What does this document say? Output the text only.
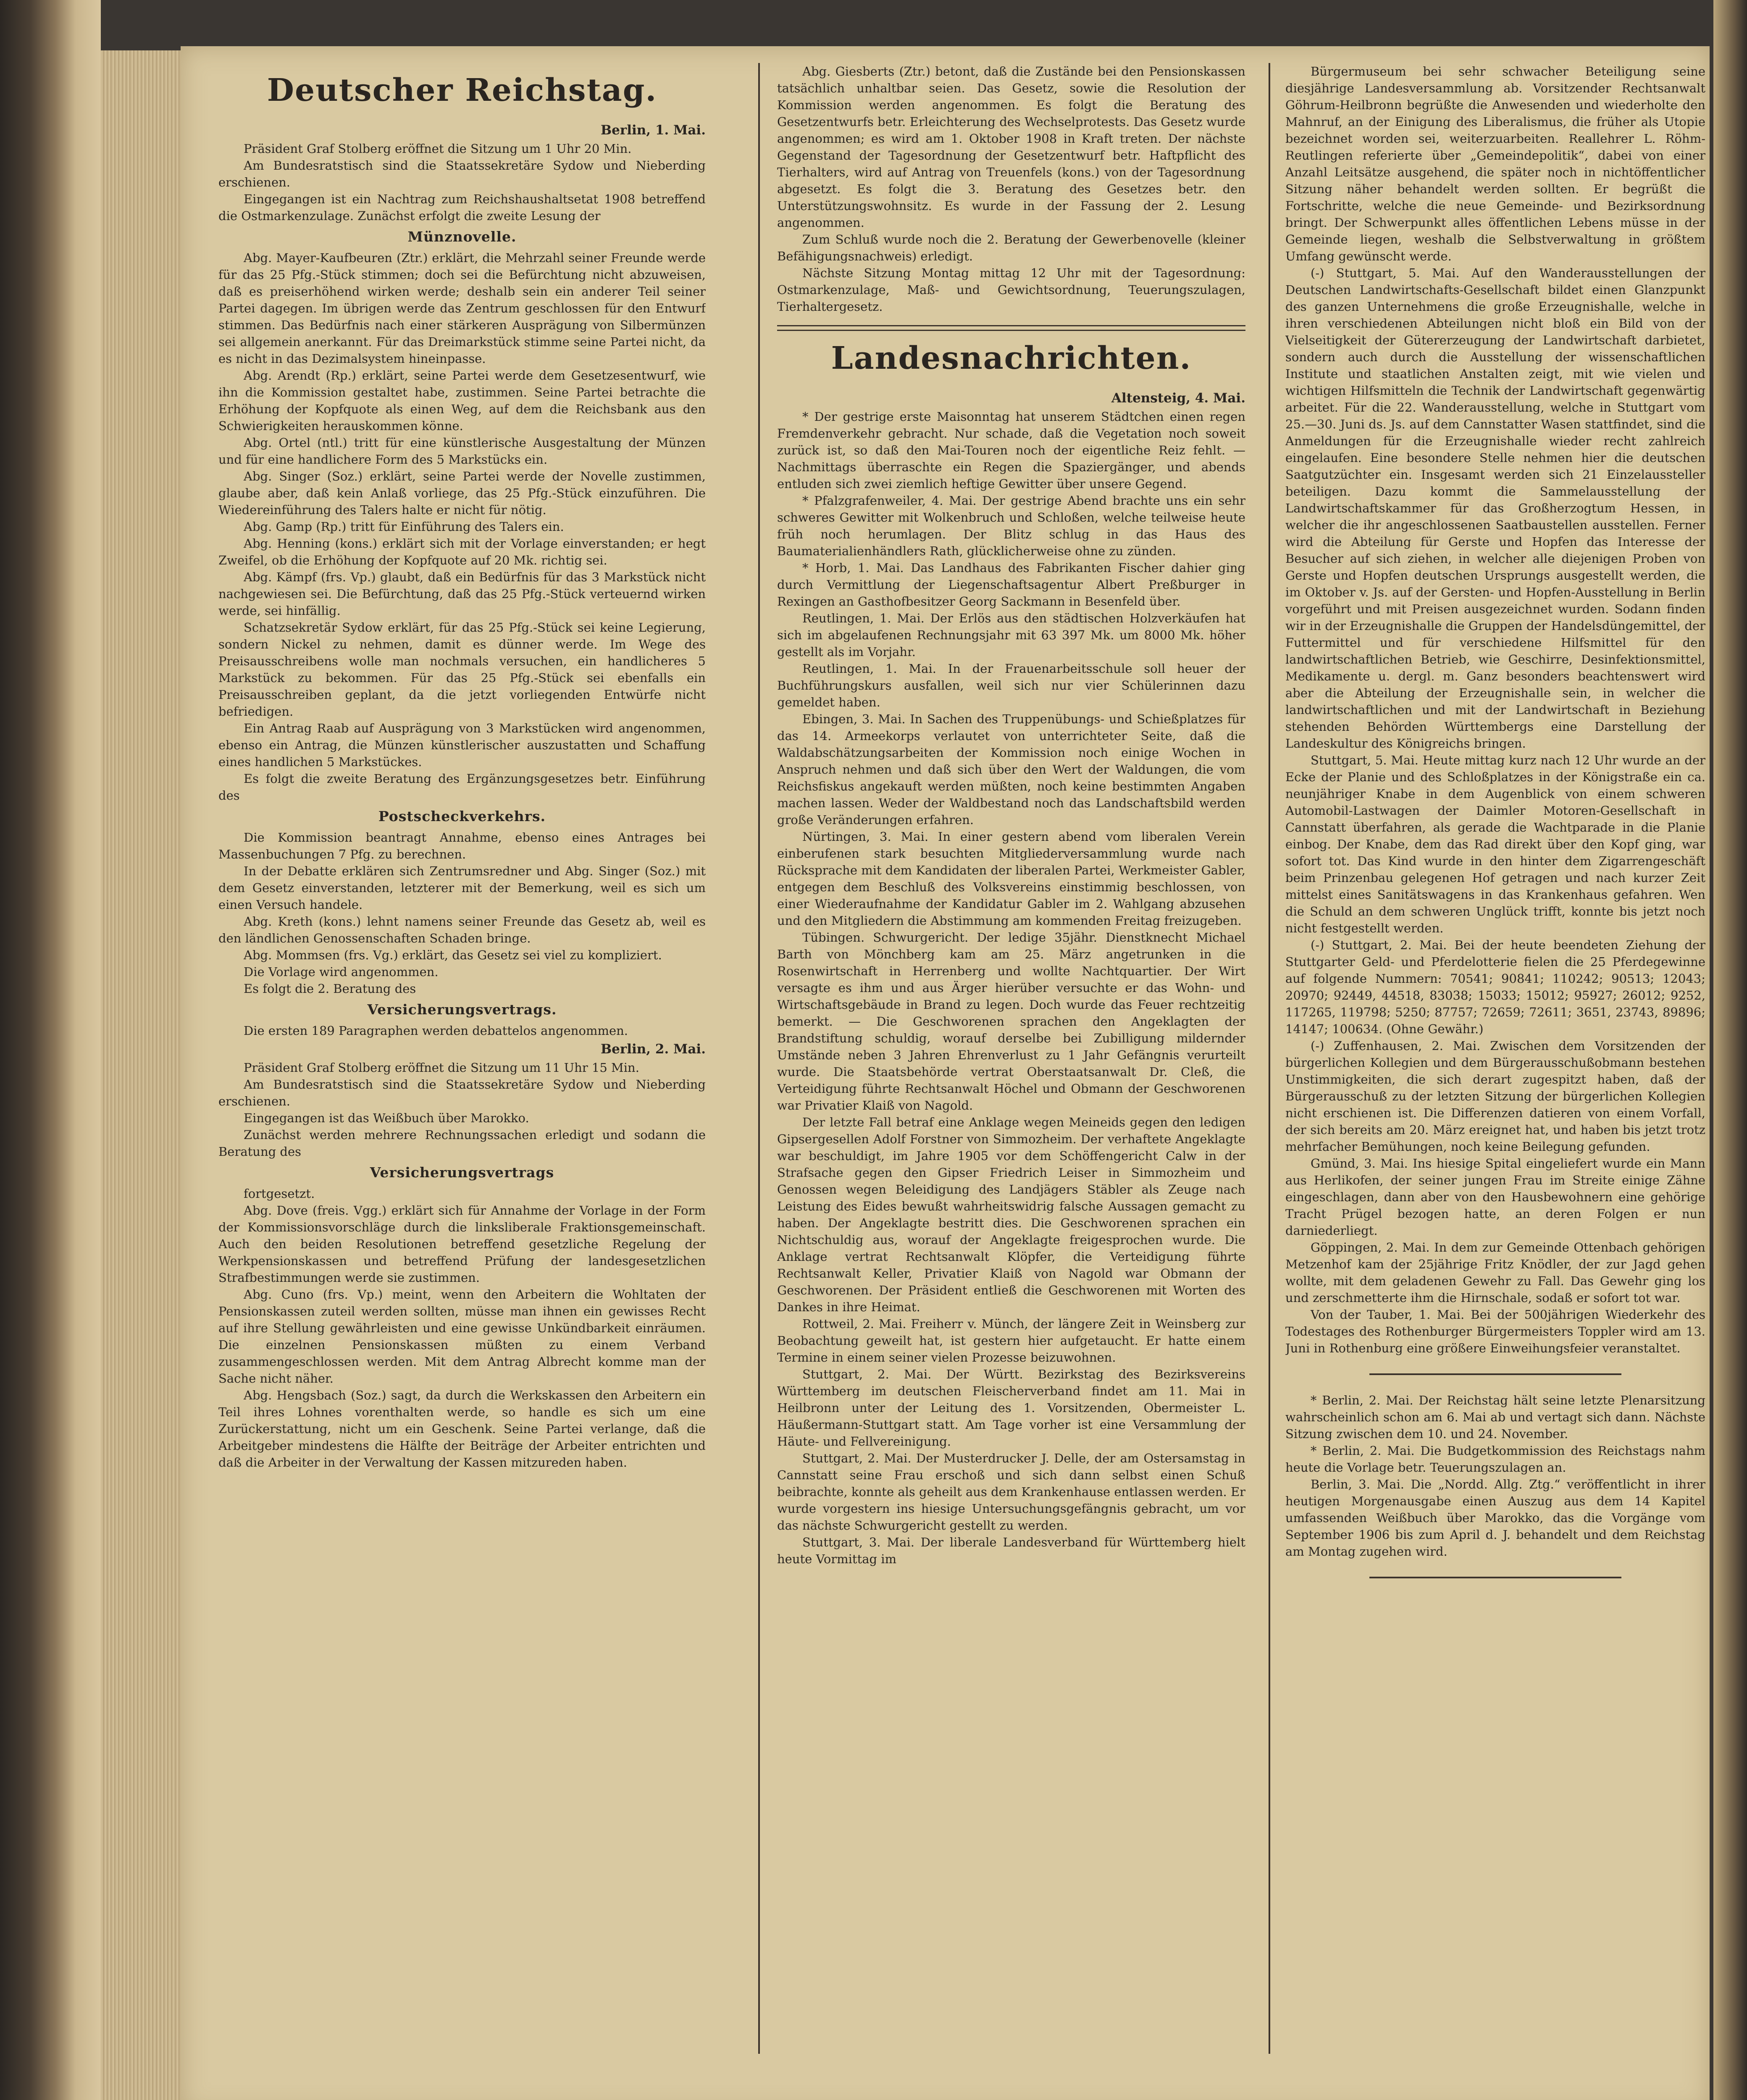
Deutscher Reichstag.
Berlin, 1. Mai.

Präsident Graf Stolberg eröffnet die Sitzung um 1 Uhr 20 Min.

Am Bundesratstisch sind die Staatssekretäre Sydow und Nieberding erschienen.

Eingegangen ist ein Nachtrag zum Reichshaushaltsetat 1908 betreffend die Ostmarkenzulage. Zunächst erfolgt die zweite Lesung der

Münznovelle.

Abg. Mayer-Kaufbeuren (Ztr.) erklärt, die Mehrzahl seiner Freunde werde für das 25 Pfg.-Stück stimmen; doch sei die Befürchtung nicht abzuweisen, daß es preiserhöhend wirken werde; deshalb sein ein anderer Teil seiner Partei dagegen. Im übrigen werde das Zentrum geschlossen für den Entwurf stimmen. Das Bedürfnis nach einer stärkeren Ausprägung von Silbermünzen sei allgemein anerkannt. Für das Dreimarkstück stimme seine Partei nicht, da es nicht in das Dezimalsystem hineinpasse.

Abg. Arendt (Rp.) erklärt, seine Partei werde dem Gesetzesentwurf, wie ihn die Kommission gestaltet habe, zustimmen. Seine Partei betrachte die Erhöhung der Kopfquote als einen Weg, auf dem die Reichsbank aus den Schwierigkeiten herauskommen könne.

Abg. Ortel (ntl.) tritt für eine künstlerische Ausgestaltung der Münzen und für eine handlichere Form des 5 Markstücks ein.

Abg. Singer (Soz.) erklärt, seine Partei werde der Novelle zustimmen, glaube aber, daß kein Anlaß vorliege, das 25 Pfg.-Stück einzuführen. Die Wiedereinführung des Talers halte er nicht für nötig.

Abg. Gamp (Rp.) tritt für Einführung des Talers ein.

Abg. Henning (kons.) erklärt sich mit der Vorlage einverstanden; er hegt Zweifel, ob die Erhöhung der Kopfquote auf 20 Mk. richtig sei.

Abg. Kämpf (frs. Vp.) glaubt, daß ein Bedürfnis für das 3 Markstück nicht nachgewiesen sei. Die Befürchtung, daß das 25 Pfg.-Stück verteuernd wirken werde, sei hinfällig.

Schatzsekretär Sydow erklärt, für das 25 Pfg.-Stück sei keine Legierung, sondern Nickel zu nehmen, damit es dünner werde. Im Wege des Preisausschreibens wolle man nochmals versuchen, ein handlicheres 5 Markstück zu bekommen. Für das 25 Pfg.-Stück sei ebenfalls ein Preisausschreiben geplant, da die jetzt vorliegenden Entwürfe nicht befriedigen.

Ein Antrag Raab auf Ausprägung von 3 Markstücken wird angenommen, ebenso ein Antrag, die Münzen künstlerischer auszustatten und Schaffung eines handlichen 5 Markstückes.

Es folgt die zweite Beratung des Ergänzungsgesetzes betr. Einführung des

Postscheckverkehrs.

Die Kommission beantragt Annahme, ebenso eines Antrages bei Massenbuchungen 7 Pfg. zu berechnen.

In der Debatte erklären sich Zentrumsredner und Abg. Singer (Soz.) mit dem Gesetz einverstanden, letzterer mit der Bemerkung, weil es sich um einen Versuch handele.

Abg. Kreth (kons.) lehnt namens seiner Freunde das Gesetz ab, weil es den ländlichen Genossenschaften Schaden bringe.

Abg. Mommsen (frs. Vg.) erklärt, das Gesetz sei viel zu kompliziert.

Die Vorlage wird angenommen.

Es folgt die 2. Beratung des

Versicherungsvertrags.

Die ersten 189 Paragraphen werden debattelos angenommen.

Berlin, 2. Mai.

Präsident Graf Stolberg eröffnet die Sitzung um 11 Uhr 15 Min.

Am Bundesratstisch sind die Staatssekretäre Sydow und Nieberding erschienen.

Eingegangen ist das Weißbuch über Marokko.

Zunächst werden mehrere Rechnungssachen erledigt und sodann die Beratung des

Versicherungsvertrags

fortgesetzt.

Abg. Dove (freis. Vgg.) erklärt sich für Annahme der Vorlage in der Form der Kommissionsvorschläge durch die linksliberale Fraktionsgemeinschaft. Auch den beiden Resolutionen betreffend gesetzliche Regelung der Werkpensionskassen und betreffend Prüfung der landesgesetzlichen Strafbestimmungen werde sie zustimmen.

Abg. Cuno (frs. Vp.) meint, wenn den Arbeitern die Wohltaten der Pensionskassen zuteil werden sollten, müsse man ihnen ein gewisses Recht auf ihre Stellung gewährleisten und eine gewisse Unkündbarkeit einräumen. Die einzelnen Pensionskassen müßten zu einem Verband zusammengeschlossen werden. Mit dem Antrag Albrecht komme man der Sache nicht näher.

Abg. Hengsbach (Soz.) sagt, da durch die Werkskassen den Arbeitern ein Teil ihres Lohnes vorenthalten werde, so handle es sich um eine Zurückerstattung, nicht um ein Geschenk. Seine Partei verlange, daß die Arbeitgeber mindestens die Hälfte der Beiträge der Arbeiter entrichten und daß die Arbeiter in der Verwaltung der Kassen mitzureden haben.

Abg. Giesberts (Ztr.) betont, daß die Zustände bei den Pensionskassen tatsächlich unhaltbar seien. Das Gesetz, sowie die Resolution der Kommission werden angenommen. Es folgt die Beratung des Gesetzentwurfs betr. Erleichterung des Wechselprotests. Das Gesetz wurde angenommen; es wird am 1. Oktober 1908 in Kraft treten. Der nächste Gegenstand der Tagesordnung der Gesetzentwurf betr. Haftpflicht des Tierhalters, wird auf Antrag von Treuenfels (kons.) von der Tagesordnung abgesetzt. Es folgt die 3. Beratung des Gesetzes betr. den Unterstützungswohnsitz. Es wurde in der Fassung der 2. Lesung angenommen.

Zum Schluß wurde noch die 2. Beratung der Gewerbenovelle (kleiner Befähigungsnachweis) erledigt.

Nächste Sitzung Montag mittag 12 Uhr mit der Tagesordnung: Ostmarkenzulage, Maß- und Gewichtsordnung, Teuerungszulagen, Tierhaltergesetz.

Landesnachrichten.
Altensteig, 4. Mai.

* Der gestrige erste Maisonntag hat unserem Städtchen einen regen Fremdenverkehr gebracht. Nur schade, daß die Vegetation noch soweit zurück ist, so daß den Mai-Touren noch der eigentliche Reiz fehlt. — Nachmittags überraschte ein Regen die Spaziergänger, und abends entluden sich zwei ziemlich heftige Gewitter über unsere Gegend.

* Pfalzgrafenweiler, 4. Mai. Der gestrige Abend brachte uns ein sehr schweres Gewitter mit Wolkenbruch und Schloßen, welche teilweise heute früh noch herumlagen. Der Blitz schlug in das Haus des Baumaterialienhändlers Rath, glücklicherweise ohne zu zünden.

* Horb, 1. Mai. Das Landhaus des Fabrikanten Fischer dahier ging durch Vermittlung der Liegenschaftsagentur Albert Preßburger in Rexingen an Gasthofbesitzer Georg Sackmann in Besenfeld über.

Reutlingen, 1. Mai. Der Erlös aus den städtischen Holzverkäufen hat sich im abgelaufenen Rechnungsjahr mit 63 397 Mk. um 8000 Mk. höher gestellt als im Vorjahr.

Reutlingen, 1. Mai. In der Frauenarbeitsschule soll heuer der Buchführungskurs ausfallen, weil sich nur vier Schülerinnen dazu gemeldet haben.

Ebingen, 3. Mai. In Sachen des Truppenübungs- und Schießplatzes für das 14. Armeekorps verlautet von unterrichteter Seite, daß die Waldabschätzungsarbeiten der Kommission noch einige Wochen in Anspruch nehmen und daß sich über den Wert der Waldungen, die vom Reichsfiskus angekauft werden müßten, noch keine bestimmten Angaben machen lassen. Weder der Waldbestand noch das Landschaftsbild werden große Veränderungen erfahren.

Nürtingen, 3. Mai. In einer gestern abend vom liberalen Verein einberufenen stark besuchten Mitgliederversammlung wurde nach Rücksprache mit dem Kandidaten der liberalen Partei, Werkmeister Gabler, entgegen dem Beschluß des Volksvereins einstimmig beschlossen, von einer Wiederaufnahme der Kandidatur Gabler im 2. Wahlgang abzusehen und den Mitgliedern die Abstimmung am kommenden Freitag freizugeben.

Tübingen. Schwurgericht. Der ledige 35jähr. Dienstknecht Michael Barth von Mönchberg kam am 25. März angetrunken in die Rosenwirtschaft in Herrenberg und wollte Nachtquartier. Der Wirt versagte es ihm und aus Ärger hierüber versuchte er das Wohn- und Wirtschaftsgebäude in Brand zu legen. Doch wurde das Feuer rechtzeitig bemerkt. — Die Geschworenen sprachen den Angeklagten der Brandstiftung schuldig, worauf derselbe bei Zubilligung mildernder Umstände neben 3 Jahren Ehrenverlust zu 1 Jahr Gefängnis verurteilt wurde. Die Staatsbehörde vertrat Oberstaatsanwalt Dr. Cleß, die Verteidigung führte Rechtsanwalt Höchel und Obmann der Geschworenen war Privatier Klaiß von Nagold.

Der letzte Fall betraf eine Anklage wegen Meineids gegen den ledigen Gipsergesellen Adolf Forstner von Simmozheim. Der verhaftete Angeklagte war beschuldigt, im Jahre 1905 vor dem Schöffengericht Calw in der Strafsache gegen den Gipser Friedrich Leiser in Simmozheim und Genossen wegen Beleidigung des Landjägers Stäbler als Zeuge nach Leistung des Eides bewußt wahrheitswidrig falsche Aussagen gemacht zu haben. Der Angeklagte bestritt dies. Die Geschworenen sprachen ein Nichtschuldig aus, worauf der Angeklagte freigesprochen wurde. Die Anklage vertrat Rechtsanwalt Klöpfer, die Verteidigung führte Rechtsanwalt Keller, Privatier Klaiß von Nagold war Obmann der Geschworenen. Der Präsident entließ die Geschworenen mit Worten des Dankes in ihre Heimat.

Rottweil, 2. Mai. Freiherr v. Münch, der längere Zeit in Weinsberg zur Beobachtung geweilt hat, ist gestern hier aufgetaucht. Er hatte einem Termine in einem seiner vielen Prozesse beizuwohnen.

Stuttgart, 2. Mai. Der Württ. Bezirkstag des Bezirksvereins Württemberg im deutschen Fleischerverband findet am 11. Mai in Heilbronn unter der Leitung des 1. Vorsitzenden, Obermeister L. Häußermann-Stuttgart statt. Am Tage vorher ist eine Versammlung der Häute- und Fellvereinigung.

Stuttgart, 2. Mai. Der Musterdrucker J. Delle, der am Ostersamstag in Cannstatt seine Frau erschoß und sich dann selbst einen Schuß beibrachte, konnte als geheilt aus dem Krankenhause entlassen werden. Er wurde vorgestern ins hiesige Untersuchungsgefängnis gebracht, um vor das nächste Schwurgericht gestellt zu werden.

Stuttgart, 3. Mai. Der liberale Landesverband für Württemberg hielt heute Vormittag im

Bürgermuseum bei sehr schwacher Beteiligung seine diesjährige Landesversammlung ab. Vorsitzender Rechtsanwalt Göhrum-Heilbronn begrüßte die Anwesenden und wiederholte den Mahnruf, an der Einigung des Liberalismus, die früher als Utopie bezeichnet worden sei, weiterzuarbeiten. Reallehrer L. Röhm-Reutlingen referierte über „Gemeindepolitik“, dabei von einer Anzahl Leitsätze ausgehend, die später noch in nichtöffentlicher Sitzung näher behandelt werden sollten. Er begrüßt die Fortschritte, welche die neue Gemeinde- und Bezirksordnung bringt. Der Schwerpunkt alles öffentlichen Lebens müsse in der Gemeinde liegen, weshalb die Selbstverwaltung in größtem Umfang gewünscht werde.

(-) Stuttgart, 5. Mai. Auf den Wanderausstellungen der Deutschen Landwirtschafts-Gesellschaft bildet einen Glanzpunkt des ganzen Unternehmens die große Erzeugnishalle, welche in ihren verschiedenen Abteilungen nicht bloß ein Bild von der Vielseitigkeit der Gütererzeugung der Landwirtschaft darbietet, sondern auch durch die Ausstellung der wissenschaftlichen Institute und staatlichen Anstalten zeigt, mit wie vielen und wichtigen Hilfsmitteln die Technik der Landwirtschaft gegenwärtig arbeitet. Für die 22. Wanderausstellung, welche in Stuttgart vom 25.—30. Juni ds. Js. auf dem Cannstatter Wasen stattfindet, sind die Anmeldungen für die Erzeugnishalle wieder recht zahlreich eingelaufen. Eine besondere Stelle nehmen hier die deutschen Saatgutzüchter ein. Insgesamt werden sich 21 Einzelaussteller beteiligen. Dazu kommt die Sammelausstellung der Landwirtschaftskammer für das Großherzogtum Hessen, in welcher die ihr angeschlossenen Saatbaustellen ausstellen. Ferner wird die Abteilung für Gerste und Hopfen das Interesse der Besucher auf sich ziehen, in welcher alle diejenigen Proben von Gerste und Hopfen deutschen Ursprungs ausgestellt werden, die im Oktober v. Js. auf der Gersten- und Hopfen-Ausstellung in Berlin vorgeführt und mit Preisen ausgezeichnet wurden. Sodann finden wir in der Erzeugnishalle die Gruppen der Handelsdüngemittel, der Futtermittel und für verschiedene Hilfsmittel für den landwirtschaftlichen Betrieb, wie Geschirre, Desinfektionsmittel, Medikamente u. dergl. m. Ganz besonders beachtenswert wird aber die Abteilung der Erzeugnishalle sein, in welcher die landwirtschaftlichen und mit der Landwirtschaft in Beziehung stehenden Behörden Württembergs eine Darstellung der Landeskultur des Königreichs bringen.

Stuttgart, 5. Mai. Heute mittag kurz nach 12 Uhr wurde an der Ecke der Planie und des Schloßplatzes in der Königstraße ein ca. neunjähriger Knabe in dem Augenblick von einem schweren Automobil-Lastwagen der Daimler Motoren-Gesellschaft in Cannstatt überfahren, als gerade die Wachtparade in die Planie einbog. Der Knabe, dem das Rad direkt über den Kopf ging, war sofort tot. Das Kind wurde in den hinter dem Zigarrengeschäft beim Prinzenbau gelegenen Hof getragen und nach kurzer Zeit mittelst eines Sanitätswagens in das Krankenhaus gefahren. Wen die Schuld an dem schweren Unglück trifft, konnte bis jetzt noch nicht festgestellt werden.

(-) Stuttgart, 2. Mai. Bei der heute beendeten Ziehung der Stuttgarter Geld- und Pferdelotterie fielen die 25 Pferdegewinne auf folgende Nummern: 70541; 90841; 110242; 90513; 12043; 20970; 92449, 44518, 83038; 15033; 15012; 95927; 26012; 9252, 117265, 119798; 5250; 87757; 72659; 72611; 3651, 23743, 89896; 14147; 100634. (Ohne Gewähr.)

(-) Zuffenhausen, 2. Mai. Zwischen dem Vorsitzenden der bürgerlichen Kollegien und dem Bürgerausschußobmann bestehen Unstimmigkeiten, die sich derart zugespitzt haben, daß der Bürgerausschuß zu der letzten Sitzung der bürgerlichen Kollegien nicht erschienen ist. Die Differenzen datieren von einem Vorfall, der sich bereits am 20. März ereignet hat, und haben bis jetzt trotz mehrfacher Bemühungen, noch keine Beilegung gefunden.

Gmünd, 3. Mai. Ins hiesige Spital eingeliefert wurde ein Mann aus Herlikofen, der seiner jungen Frau im Streite einige Zähne eingeschlagen, dann aber von den Hausbewohnern eine gehörige Tracht Prügel bezogen hatte, an deren Folgen er nun darniederliegt.

Göppingen, 2. Mai. In dem zur Gemeinde Ottenbach gehörigen Metzenhof kam der 25jährige Fritz Knödler, der zur Jagd gehen wollte, mit dem geladenen Gewehr zu Fall. Das Gewehr ging los und zerschmetterte ihm die Hirnschale, sodaß er sofort tot war.

Von der Tauber, 1. Mai. Bei der 500jährigen Wiederkehr des Todestages des Rothenburger Bürgermeisters Toppler wird am 13. Juni in Rothenburg eine größere Einweihungsfeier veranstaltet.

* Berlin, 2. Mai. Der Reichstag hält seine letzte Plenarsitzung wahrscheinlich schon am 6. Mai ab und vertagt sich dann. Nächste Sitzung zwischen dem 10. und 24. November.

* Berlin, 2. Mai. Die Budgetkommission des Reichstags nahm heute die Vorlage betr. Teuerungszulagen an.

Berlin, 3. Mai. Die „Nordd. Allg. Ztg.“ veröffentlicht in ihrer heutigen Morgenausgabe einen Auszug aus dem 14 Kapitel umfassenden Weißbuch über Marokko, das die Vorgänge vom September 1906 bis zum April d. J. behandelt und dem Reichstag am Montag zugehen wird.
